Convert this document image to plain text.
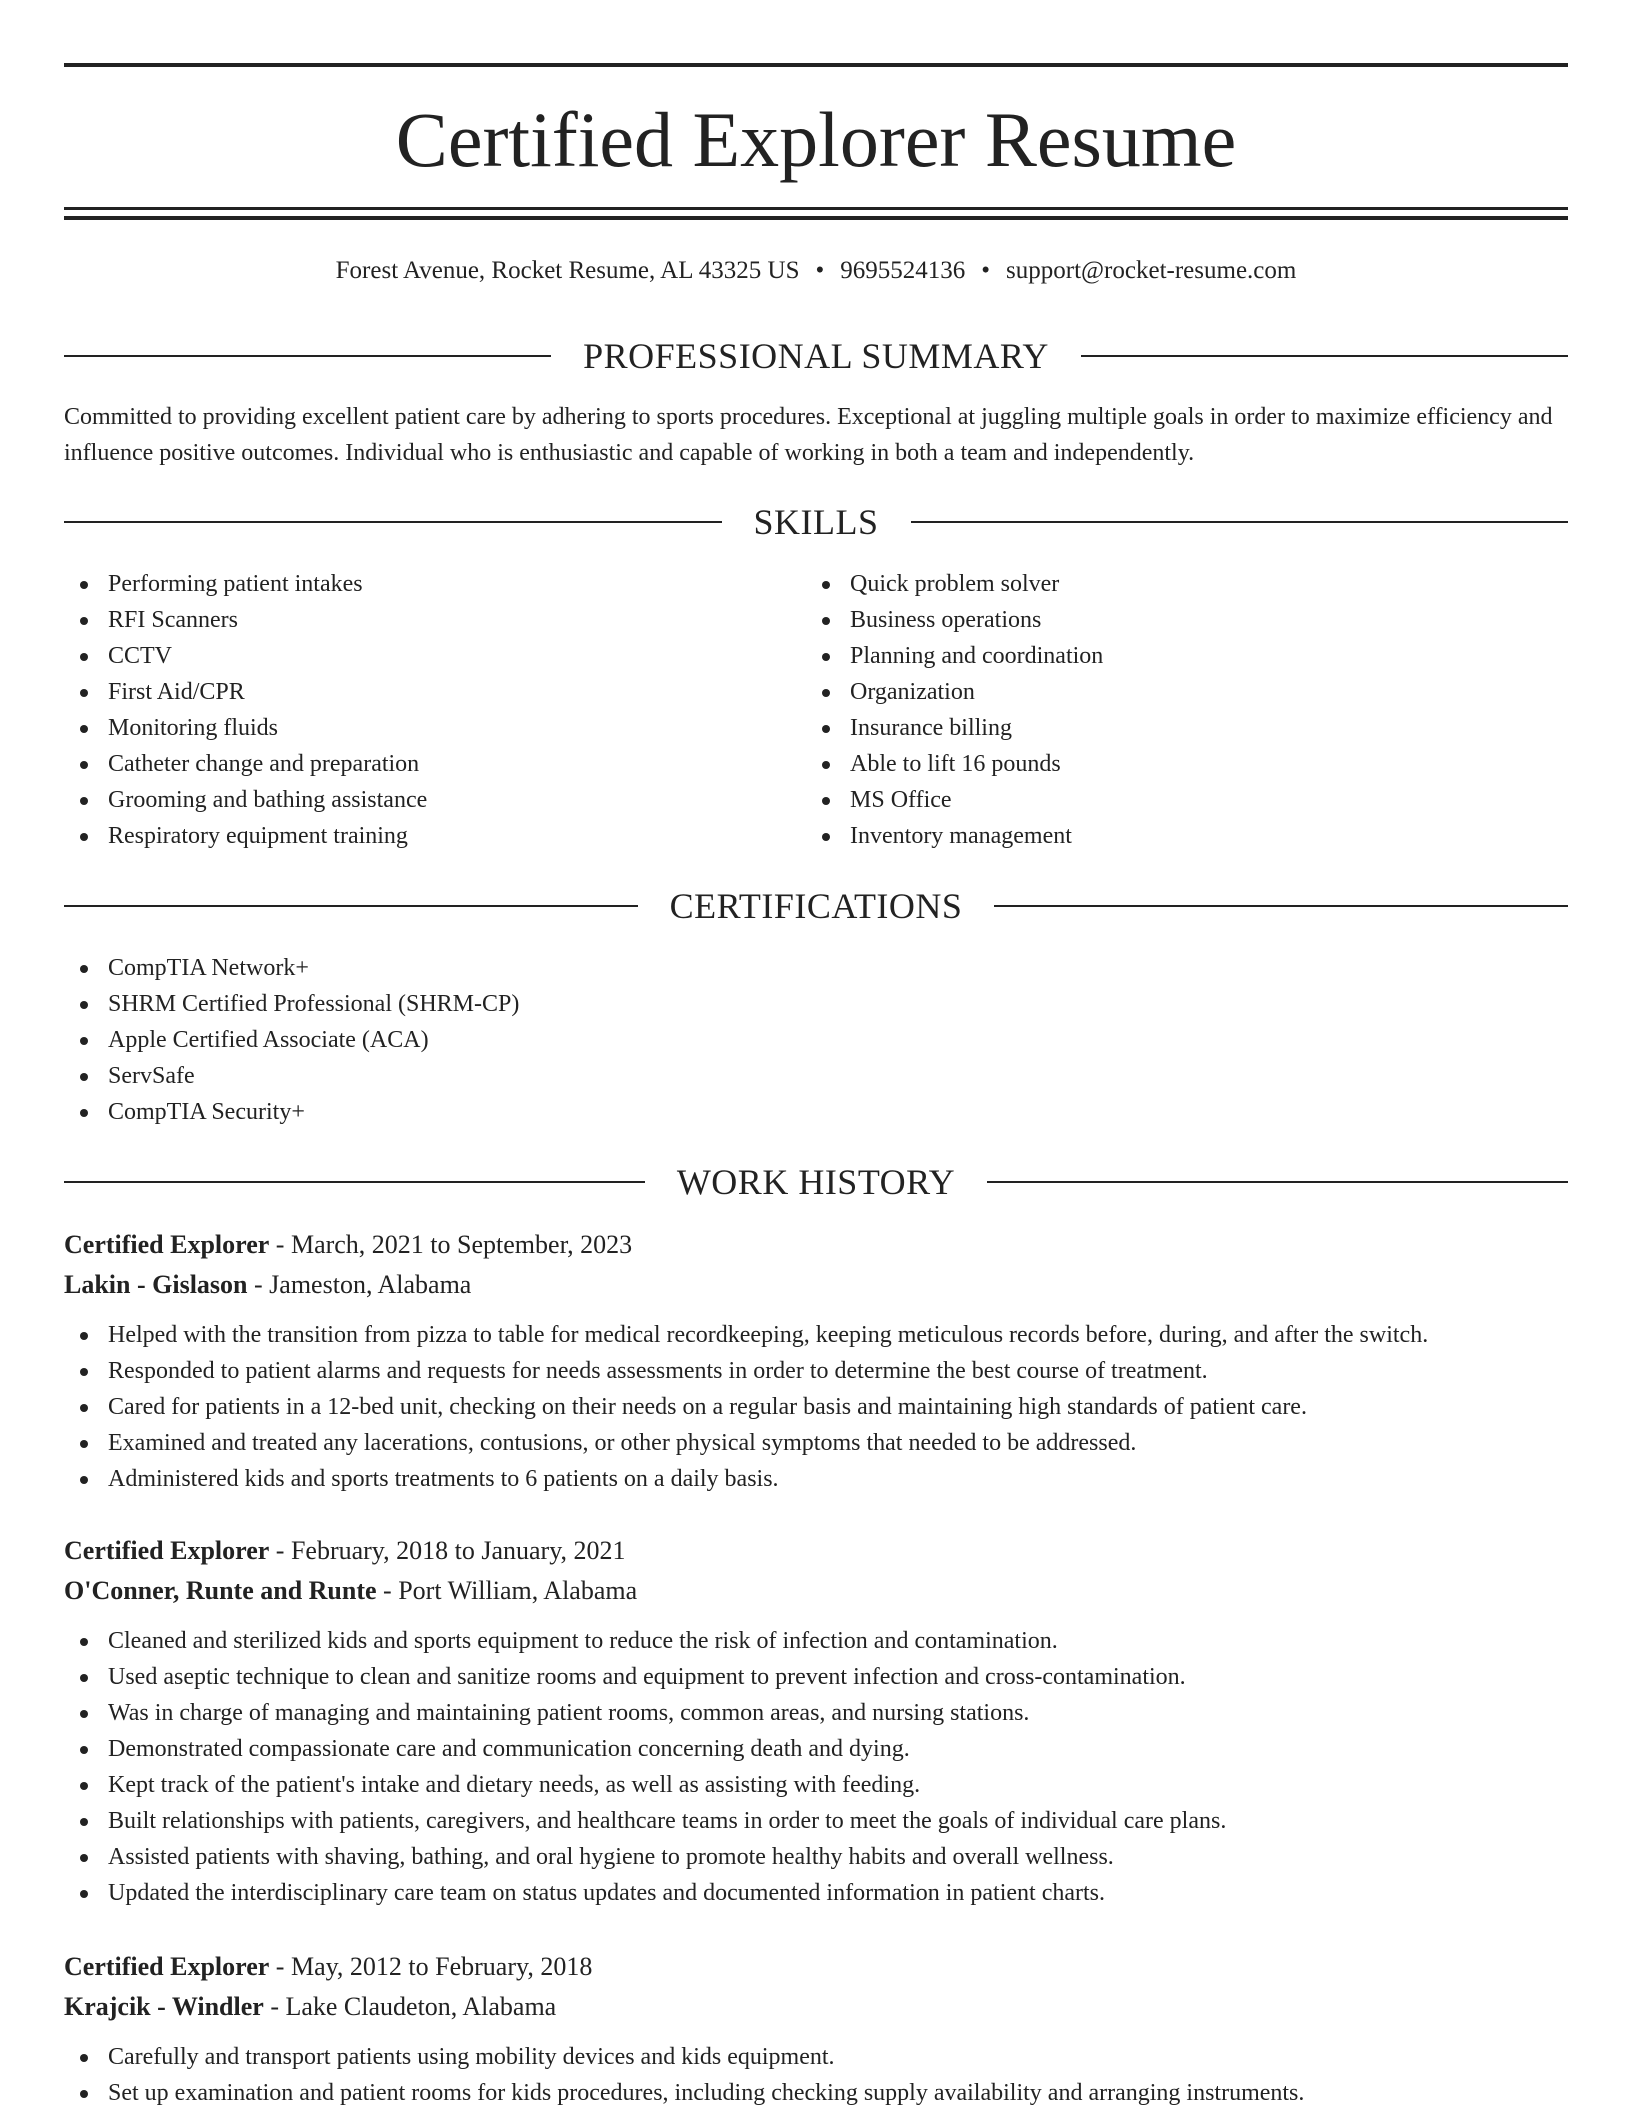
Certified Explorer Resume
Forest Avenue, Rocket Resume, AL 43325 US • 9695524136 • support@rocket-resume.com
PROFESSIONAL SUMMARY
Committed to providing excellent patient care by adhering to sports procedures. Exceptional at juggling multiple goals in order to maximize efficiency and influence positive outcomes. Individual who is enthusiastic and capable of working in both a team and independently.
SKILLS
Performing patient intakes
RFI Scanners
CCTV
First Aid/CPR
Monitoring fluids
Catheter change and preparation
Grooming and bathing assistance
Respiratory equipment training
Quick problem solver
Business operations
Planning and coordination
Organization
Insurance billing
Able to lift 16 pounds
MS Office
Inventory management
CERTIFICATIONS
CompTIA Network+
SHRM Certified Professional (SHRM-CP)
Apple Certified Associate (ACA)
ServSafe
CompTIA Security+
WORK HISTORY
Certified Explorer - March, 2021 to September, 2023
Lakin - Gislason - Jameston, Alabama
Helped with the transition from pizza to table for medical recordkeeping, keeping meticulous records before, during, and after the switch.
Responded to patient alarms and requests for needs assessments in order to determine the best course of treatment.
Cared for patients in a 12-bed unit, checking on their needs on a regular basis and maintaining high standards of patient care.
Examined and treated any lacerations, contusions, or other physical symptoms that needed to be addressed.
Administered kids and sports treatments to 6 patients on a daily basis.
Certified Explorer - February, 2018 to January, 2021
O'Conner, Runte and Runte - Port William, Alabama
Cleaned and sterilized kids and sports equipment to reduce the risk of infection and contamination.
Used aseptic technique to clean and sanitize rooms and equipment to prevent infection and cross-contamination.
Was in charge of managing and maintaining patient rooms, common areas, and nursing stations.
Demonstrated compassionate care and communication concerning death and dying.
Kept track of the patient's intake and dietary needs, as well as assisting with feeding.
Built relationships with patients, caregivers, and healthcare teams in order to meet the goals of individual care plans.
Assisted patients with shaving, bathing, and oral hygiene to promote healthy habits and overall wellness.
Updated the interdisciplinary care team on status updates and documented information in patient charts.
Certified Explorer - May, 2012 to February, 2018
Krajcik - Windler - Lake Claudeton, Alabama
Carefully and transport patients using mobility devices and kids equipment.
Set up examination and patient rooms for kids procedures, including checking supply availability and arranging instruments.
